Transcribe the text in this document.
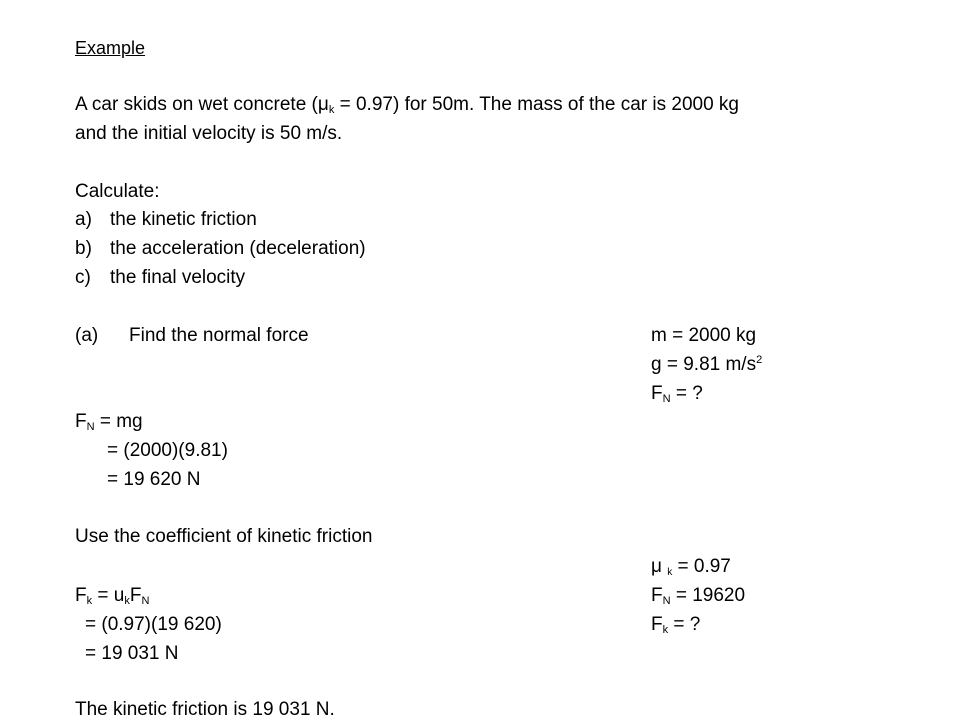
Example
A car skids on wet concrete $(\mu_k = 0.97)$ for 50m. The mass of the car is 2000 kg
and the initial velocity is 50 m/s.
Calculate:
a) the kinetic friction
b) the acceleration (deceleration)
c) the final velocity
(a) Find the normal force	m = 2000 kg
g = 9.81 $m/s^2$
$F_N$ = ?
$F_N$ = mg
= (2000)(9.81)
= 19 620 N
Use the coefficient of kinetic friction
μ $_k$ = 0.97
$F_N = 19620$
$F_k$ = ?
$F_k = u_kF_N$
= (0.97)(19 620)
= 19 031 N
The kinetic friction is 19 031 N.
